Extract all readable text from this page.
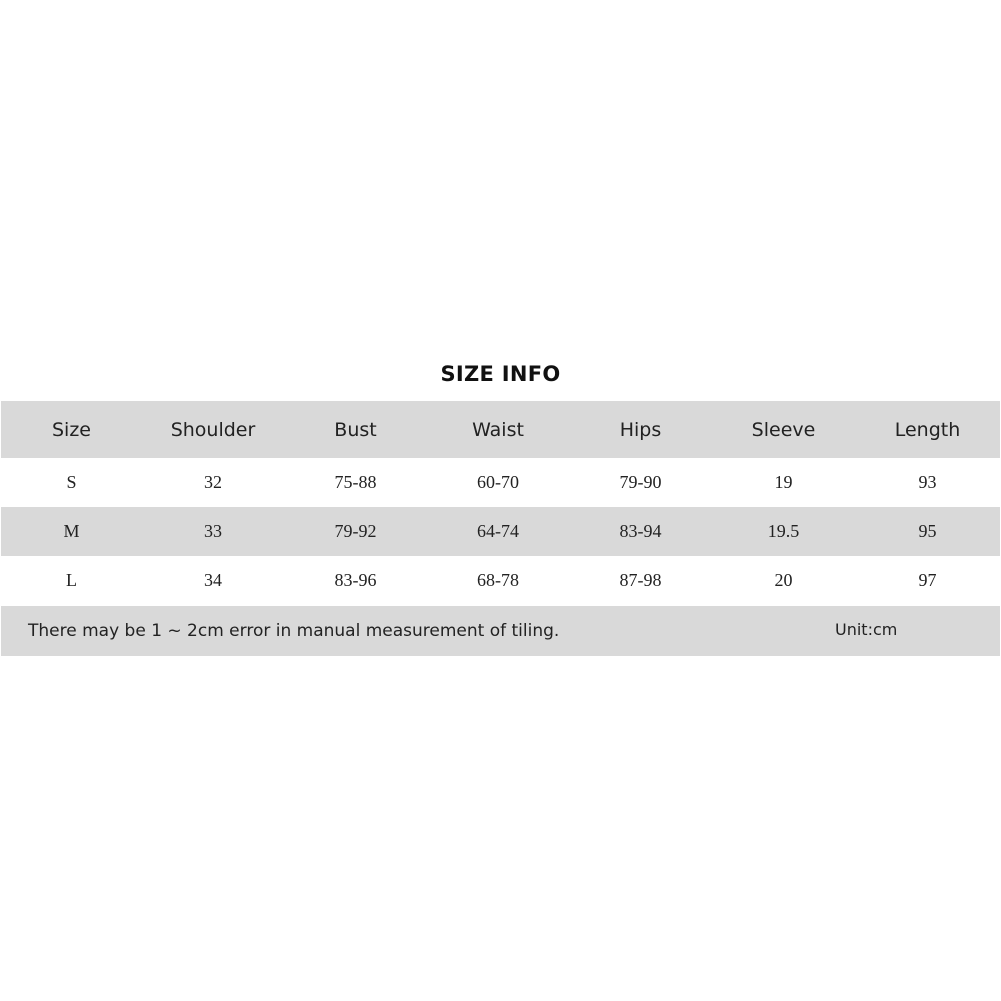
SIZE INFO
Size	Shoulder	Bust	Waist	Hips	Sleeve	Length
S	32	75-88	60-70	79-90	19	93
M	33	79-92	64-74	83-94	19.5	95
L	34	83-96	68-78	87-98	20	97
There may be 1 ~ 2cm error in manual measurement of tiling.	Unit:cm
